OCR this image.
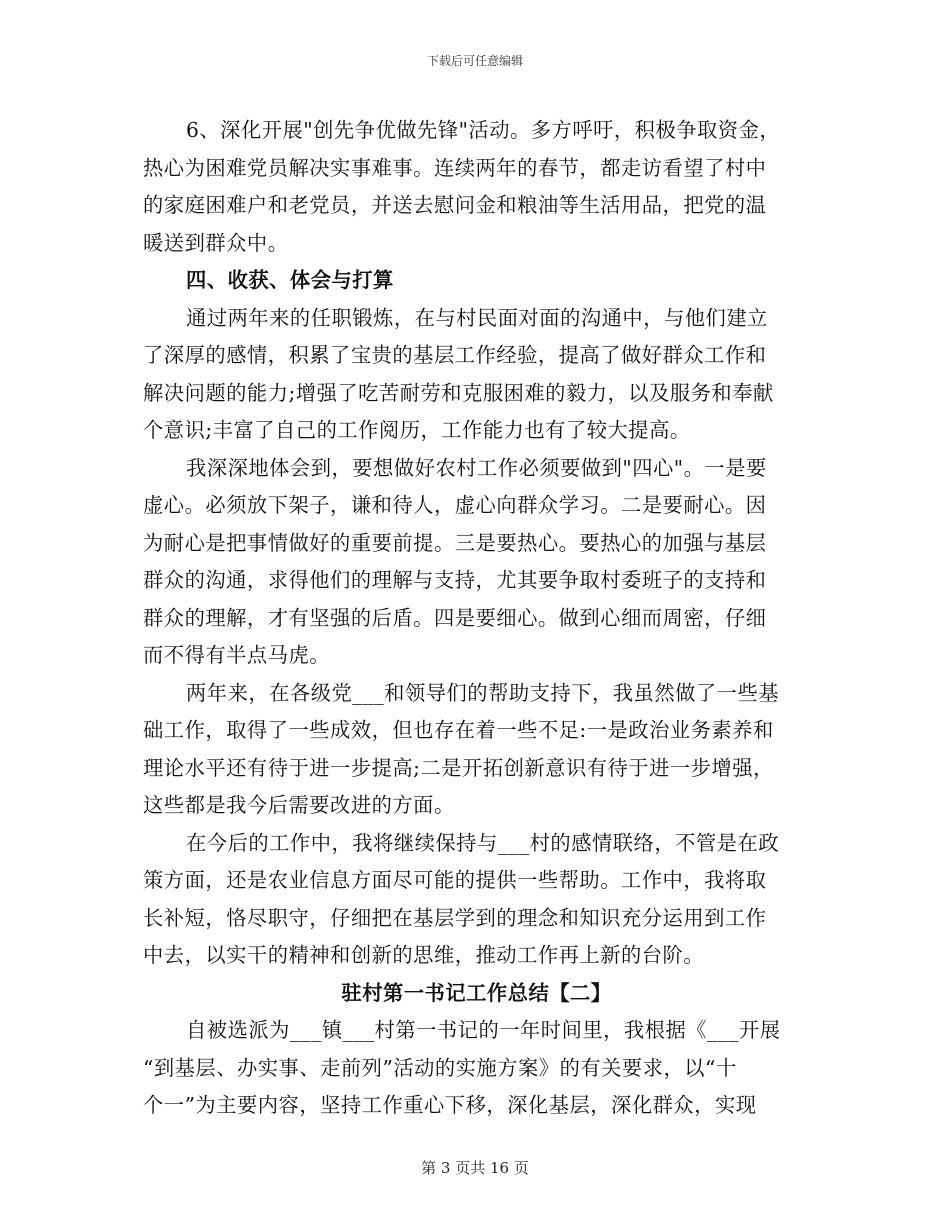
下载后可任意编辑
6、深化开展"创先争优做先锋"活动。多方呼吁，积极争取资金，
热心为困难党员解决实事难事。连续两年的春节，都走访看望了村中
的家庭困难户和老党员，并送去慰问金和粮油等生活用品，把党的温
暖送到群众中。
四、收获、体会与打算
通过两年来的任职锻炼，在与村民面对面的沟通中，与他们建立
了深厚的感情，积累了宝贵的基层工作经验，提高了做好群众工作和
解决问题的能力;增强了吃苦耐劳和克服困难的毅力，以及服务和奉献
个意识;丰富了自己的工作阅历，工作能力也有了较大提高。
我深深地体会到，要想做好农村工作必须要做到"四心"。一是要
虚心。必须放下架子，谦和待人，虚心向群众学习。二是要耐心。因
为耐心是把事情做好的重要前提。三是要热心。要热心的加强与基层
群众的沟通，求得他们的理解与支持，尤其要争取村委班子的支持和
群众的理解，才有坚强的后盾。四是要细心。做到心细而周密，仔细
而不得有半点马虎。
两年来，在各级党___和领导们的帮助支持下，我虽然做了一些基
础工作，取得了一些成效，但也存在着一些不足:一是政治业务素养和
理论水平还有待于进一步提高;二是开拓创新意识有待于进一步增强，
这些都是我今后需要改进的方面。
在今后的工作中，我将继续保持与___村的感情联络，不管是在政
策方面，还是农业信息方面尽可能的提供一些帮助。工作中，我将取
长补短，恪尽职守，仔细把在基层学到的理念和知识充分运用到工作
中去，以实干的精神和创新的思维，推动工作再上新的台阶。
驻村第一书记工作总结【二】
自被选派为___镇___村第一书记的一年时间里，我根据《___开展
“到基层、办实事、走前列”活动的实施方案》的有关要求，以“十
个一”为主要内容，坚持工作重心下移，深化基层，深化群众，实现
第 3 页共 16 页
